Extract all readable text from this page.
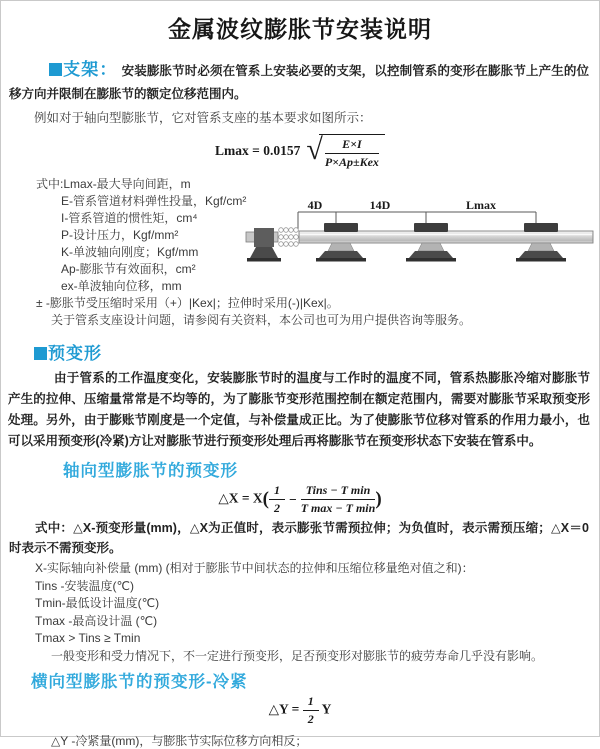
金属波纹膨胀节安装说明

支架： 安装膨胀节时必须在管系上安装必要的支架，以控制管系的变形在膨胀节上产生的位移方向并限制在膨胀节的额定位移范围内。

例如对于轴向型膨胀节，它对管系支座的基本要求如图所示：

Lmax = 0.0157 √ $\frac{E\times I}{\text{P×Ap±Kex}}$
式中:Lmax-最大导向间距，m
E-管系管道材料弹性投量，Kgf/cm²
I-管系管道的惯性矩，cm⁴
P-设计压力，Kgf/mm²
K-单波轴向刚度；Kgf/mm
Ap-膨胀节有效面积，cm²
ex-单波轴向位移，mm
± -膨胀节受压缩时采用（+）|Kex|；拉伸时采用(-)|Kex|。
关于管系支座设计问题，请参阅有关资料，本公司也可为用户提供咨询等服务。
4D	14D	Lmax
预变形

由于管系的工作温度变化，安装膨胀节时的温度与工作时的温度不同，管系热膨胀冷缩对膨胀节产生的拉伸、压缩量常常是不均等的，为了膨胀节变形范围控制在额定范围内，需要对膨胀节采取预变形处理。另外，由于膨账节刚度是一个定值，与补偿量成正比。为了使膨胀节位移对管系的作用力最小，也可以采用预变形(冷紧)方让对膨胀节进行预变形处理后再将膨胀节在预变形状态下安装在管系中。

轴向型膨胀节的预变形
△X = $X( \frac{1}{2} - \frac{\text{Tins − T min}}{\text{T max − T min}}$ )

式中：△X-预变形量(mm)，△X为正值时，表示膨张节需预拉伸；为负值时，表示需预压缩；△X＝0时表示不需预变形。

X-实际轴向补偿量 (mm) (相对于膨胀节中间状态的拉伸和压缩位移量绝对值之和)：
Tins -安装温度(℃)
Tmin-最低设计温度(℃)
Tmax -最高设计温 (℃)
Tmax > Tins ≥ Tmin
一般变形和受力情况下，不一定进行预变形，足否预变形对膨胀节的疲劳寿命几乎没有影响。
横向型膨胀节的预变形-冷紧
△Y = $\frac{1}{2}$ Y

△Y -冷紧量(mm)，与膨胀节实际位移方向相反；
